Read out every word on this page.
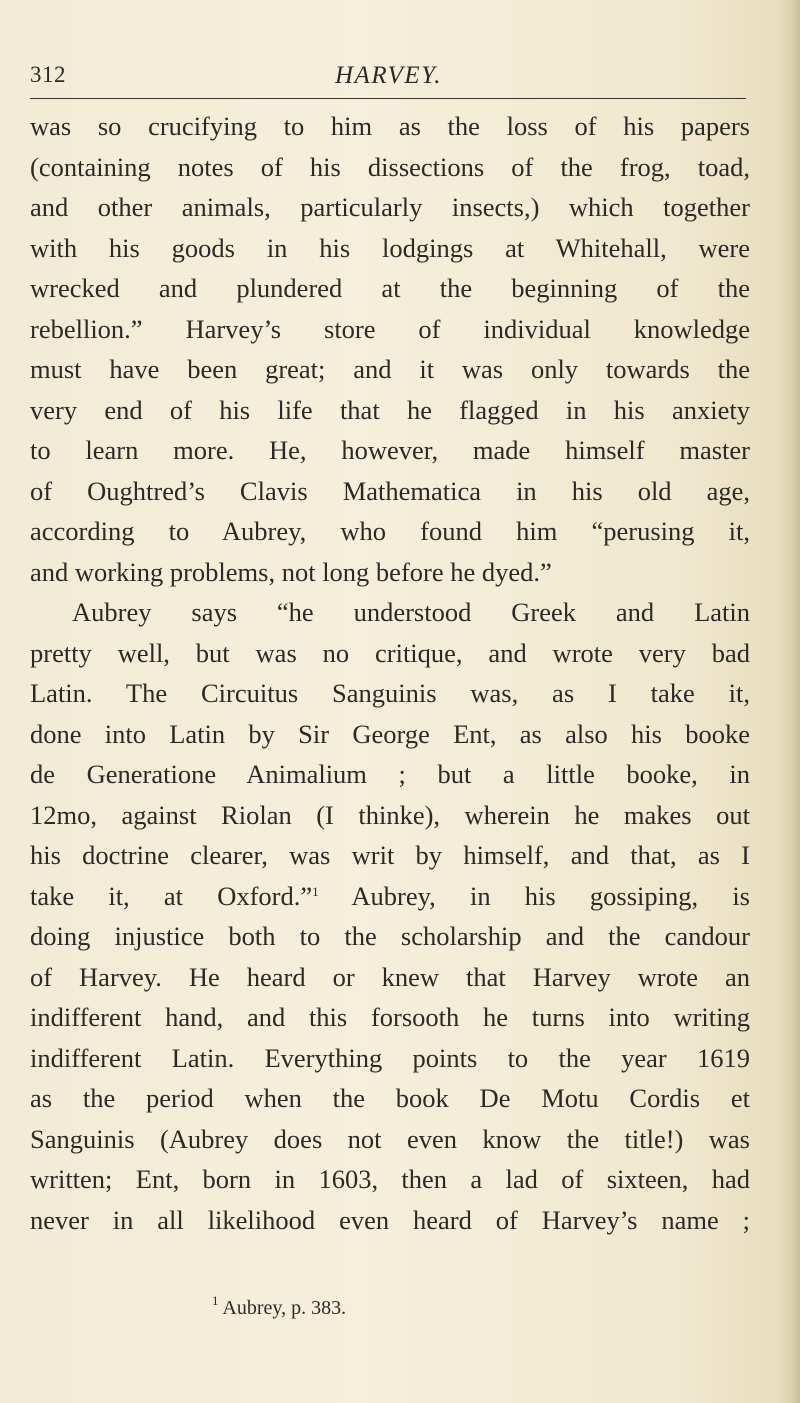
312	HARVEY.
was so crucifying to him as the loss of his papers
(containing notes of his dissections of the frog, toad,
and other animals, particularly insects,) which together
with his goods in his lodgings at Whitehall, were
wrecked and plundered at the beginning of the
rebellion.” Harvey’s store of individual knowledge
must have been great; and it was only towards the
very end of his life that he flagged in his anxiety
to learn more. He, however, made himself master
of Oughtred’s Clavis Mathematica in his old age,
according to Aubrey, who found him “perusing it,
and working problems, not long before he dyed.”
Aubrey says “he understood Greek and Latin
pretty well, but was no critique, and wrote very bad
Latin. The Circuitus Sanguinis was, as I take it,
done into Latin by Sir George Ent, as also his booke
de Generatione Animalium ; but a little booke, in
12mo, against Riolan (I thinke), wherein he makes out
his doctrine clearer, was writ by himself, and that, as I
take it, at Oxford.”$^1$ Aubrey, in his gossiping, is
doing injustice both to the scholarship and the candour
of Harvey. He heard or knew that Harvey wrote an
indifferent hand, and this forsooth he turns into writing
indifferent Latin. Everything points to the year 1619
as the period when the book De Motu Cordis et
Sanguinis (Aubrey does not even know the title!) was
written; Ent, born in 1603, then a lad of sixteen, had
never in all likelihood even heard of Harvey’s name ;
$^1$ Aubrey, p. 383.
